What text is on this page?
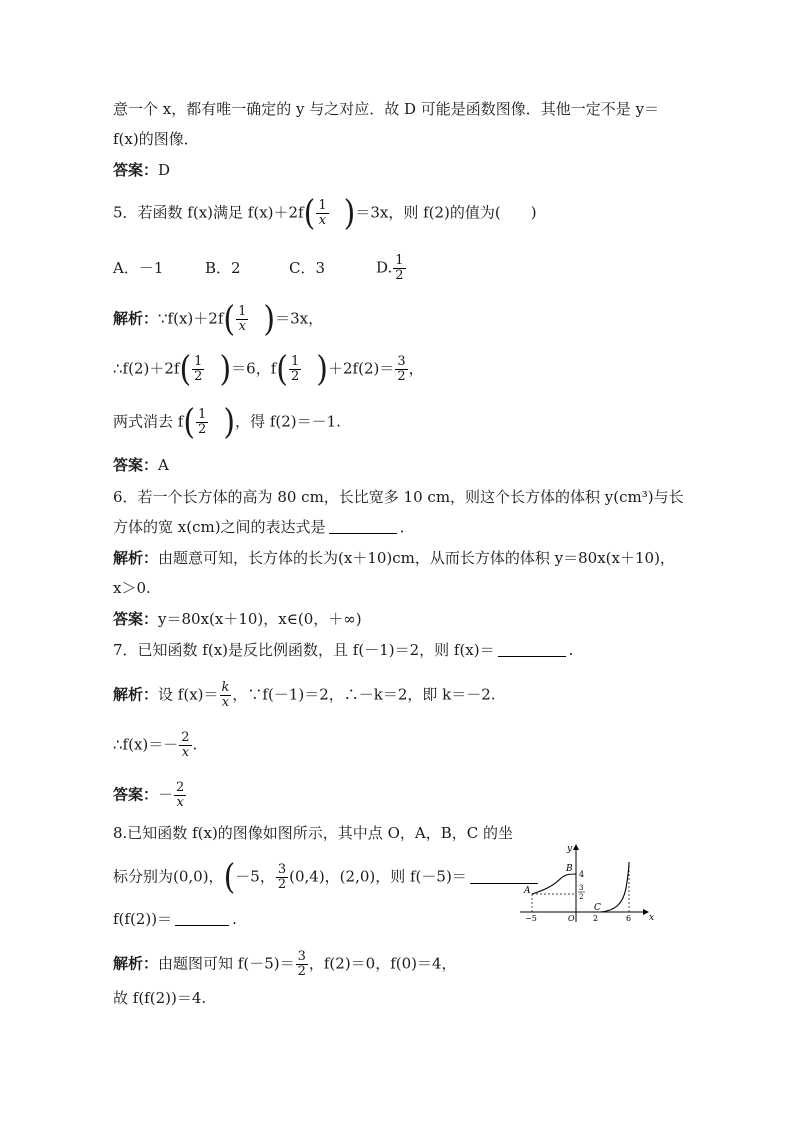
意一个 x，都有唯一确定的 y 与之对应．故 D 可能是函数图像．其他一定不是 y＝
f(x)的图像．
答案：D
5．若函数 f(x)满足 $f(x)+2f( \frac{1}{x} )=3x$，则 f(2)的值为(　　)
A．－1	B．2	C．3	D. $\frac{1}{2}$
解析：∵f(x)＋2f( $\frac{1}{x} )=3x$，
∴f(2)＋2f( $\frac{1}{2} )=6$，$f( \frac{1}{2} )+2f(2)= \frac{3}{2}$ ，
两式消去 $f( \frac{1}{2}$ )，得 f(2)＝－1.
答案：A
6．若一个长方体的高为 80 cm，长比宽多 10 cm，则这个长方体的体积 y(cm³)与长
方体的宽 x(cm)之间的表达式是	．
解析：由题意可知，长方体的长为(x＋10)cm，从而长方体的体积 y＝80x(x＋10)，
x＞0.
答案：y＝80x(x＋10)，x∈(0，＋∞)
7．已知函数 f(x)是反比例函数，且 f(－1)＝2，则 f(x)＝	.
解析：设 $f(x)= \frac{k}{x}$ ，∵f(－1)＝2，∴－k＝2，即 k＝－2.
∴f(x)＝－ $\frac{2}{x}$ .
答案：－ $\frac{2}{x}$
8.已知函数 f(x)的图像如图所示，其中点 O，A，B，C 的坐
标分别为(0,0)，(－5， $\frac{3}{2} (0,4)$，(2,0)，则 f(－5)＝
f(f(2))＝	.
解析：由题图可知 $f(-5)= \frac{3}{2}$ ，f(2)＝0，f(0)＝4，
故 f(f(2))＝4.
y
x
A
B
C
O
−5	2	6
4
3
2
